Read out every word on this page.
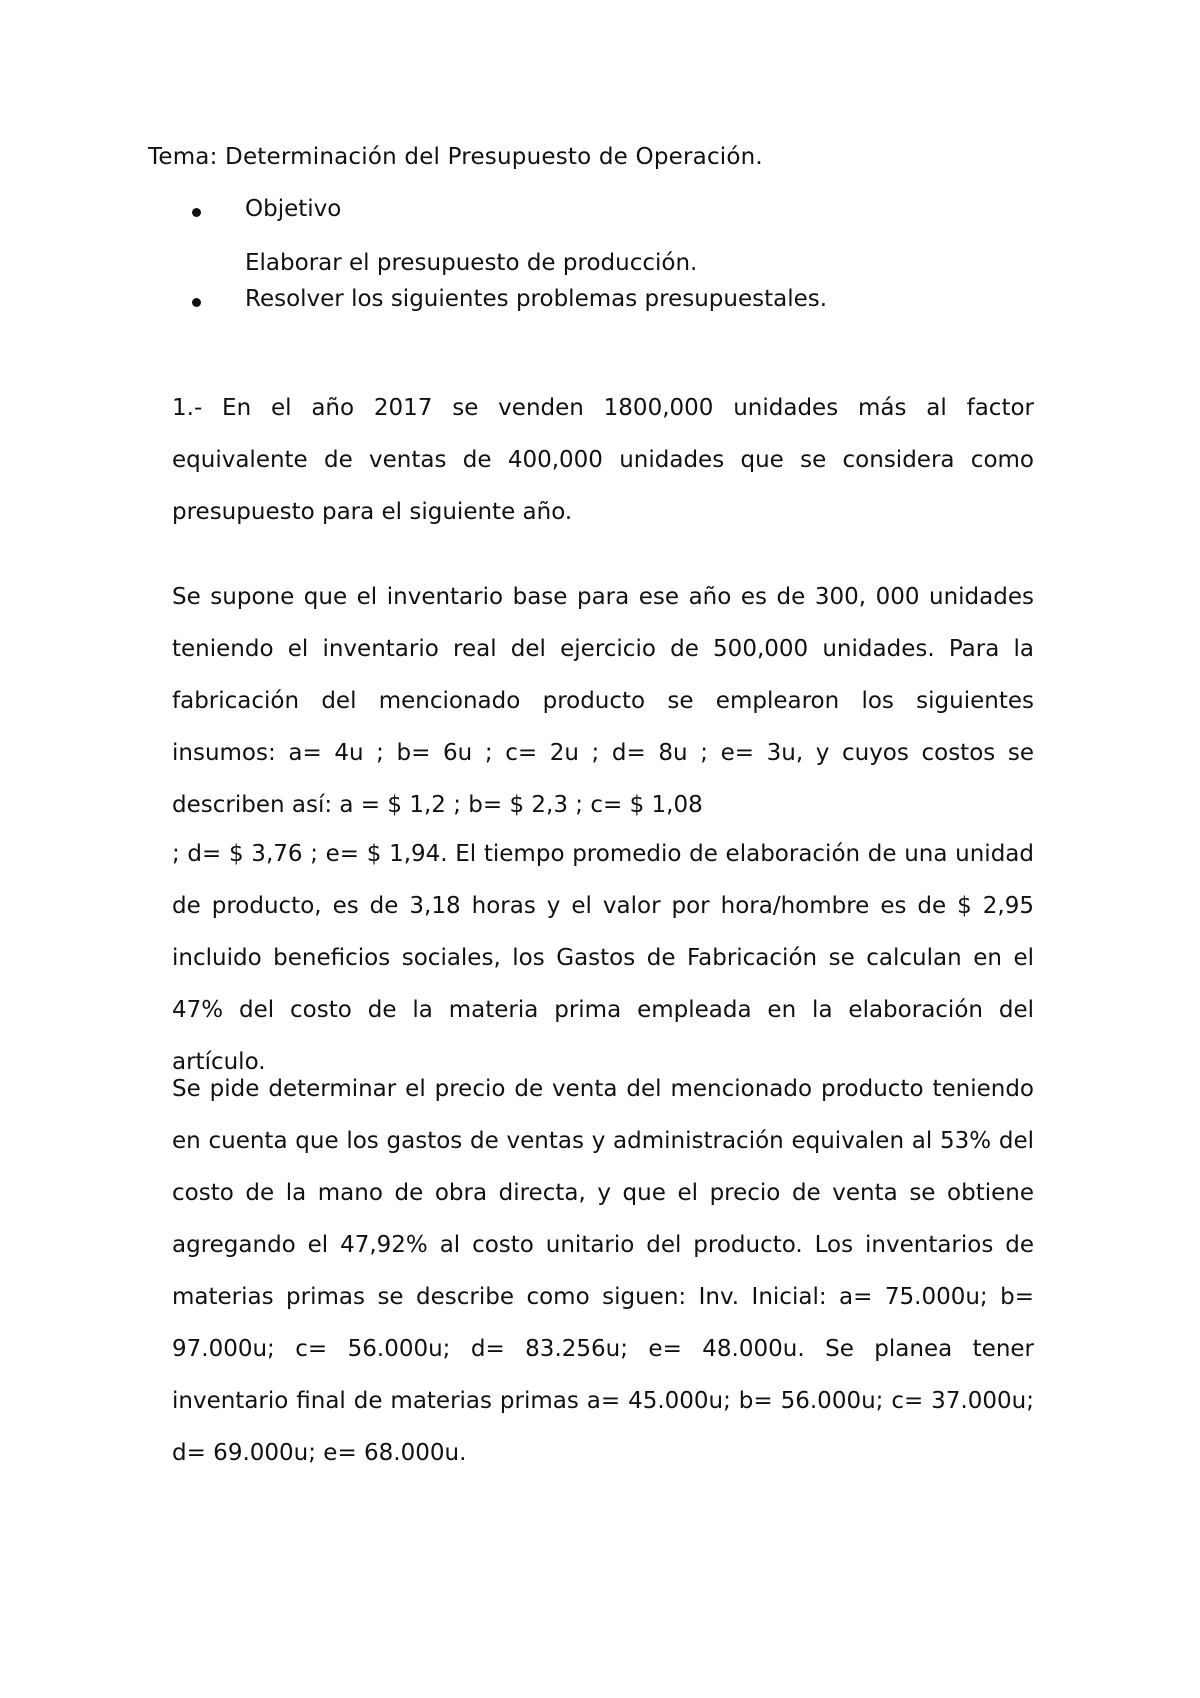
Tema: Determinación del Presupuesto de Operación.
Objetivo
Elaborar el presupuesto de producción.
Resolver los siguientes problemas presupuestales.

1.- En el año 2017 se venden 1800,000 unidades más al factor equivalente de ventas de 400,000 unidades que se considera como presupuesto para el siguiente año.

Se supone que el inventario base para ese año es de 300, 000 unidades teniendo el inventario real del ejercicio de 500,000 unidades. Para la fabricación del mencionado producto se emplearon los siguientes insumos: a= 4u ; b= 6u ; c= 2u ; d= 8u ; e= 3u, y cuyos costos se describen así: a = $ 1,2 ; b= $ 2,3 ; c= $ 1,08

; d= $ 3,76 ; e= $ 1,94. El tiempo promedio de elaboración de una unidad de producto, es de 3,18 horas y el valor por hora/hombre es de $ 2,95 incluido beneficios sociales, los Gastos de Fabricación se calculan en el 47% del costo de la materia prima empleada en la elaboración del artículo.

Se pide determinar el precio de venta del mencionado producto teniendo en cuenta que los gastos de ventas y administración equivalen al 53% del costo de la mano de obra directa, y que el precio de venta se obtiene agregando el 47,92% al costo unitario del producto. Los inventarios de materias primas se describe como siguen: Inv. Inicial: a= 75.000u; b= 97.000u; c= 56.000u; d= 83.256u; e= 48.000u. Se planea tener inventario final de materias primas a= 45.000u; b= 56.000u; c= 37.000u; d= 69.000u; e= 68.000u.
